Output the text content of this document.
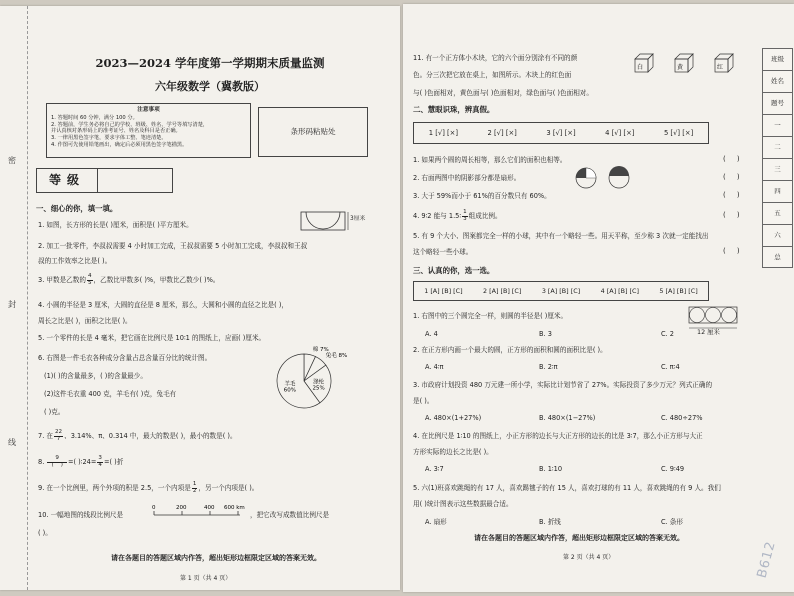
密
封
线
2023—2024 学年度第一学期期末质量监测
六年级数学（冀教版）
注意事项
1. 答题时间 60 分钟，满分 100 分。
2. 答题前，学生务必将自己的学校、班级、姓名、学号等填写清楚，
并认真核对条形码上的准考证号、姓名及科目是否正确。
3. 一律用黑色签字笔，要求字体工整、笔迹清楚。
4. 作图可先使用铅笔画出，确定后必须用黑色签字笔描黑。
条形码粘贴处
等级
一、细心的你，填一填。
1. 如图，长方形的长是( )厘米，面积是( )平方厘米。
3厘米
2. 加工一批零件，李叔叔需要 4 小时加工完成，王叔叔需要 5 小时加工完成，李叔叔和王叔
叔的工作效率之比是( )。
3. 甲数是乙数的 $\frac{4}{5}$ ，乙数比甲数多( )%，甲数比乙数少( )%。
4. 小圆的半径是 3 厘米，大圆的直径是 8 厘米，那么，大圆和小圆的直径之比是( )，
周长之比是( )，面积之比是( )。
5. 一个零件的长是 4 毫米，把它画在比例尺是 10∶1 的图纸上，应画( )厘米。
6. 右图是一件毛衣各种成分含量占总含量百分比的统计图。
(1)( )的含量最多，( )的含量最少。
(2)这件毛衣重 400 克，羊毛有( )克，兔毛有
( )克。
棉 7%
兔毛 8%
涤纶 25%
羊毛 60%
7. 在 $\frac{22}{7}$ 、3.14%、π、0.314 中，最大的数是( )，最小的数是( )。
8. $\frac{9}{( )}$ =( )∶24= $\frac{3}{4}$ =( )折
9. 在一个比例里，两个外项的积是 2.5，一个内项是 $\frac{1}{2}$ ，另一个内项是( )。
10. 一幅地图的线段比例尺是
0	200	400 600 km
，把它改写成数值比例尺是
( )。
请在各题目的答题区域内作答，超出矩形边框限定区域的答案无效。
第 1 页（共 4 页）
11. 有一个正方体小木块，它的六个面分别涂有不同的颜
色。分三次把它放在桌上，如图所示。木块上的红色面
与( )色面相对，黄色面与( )色面相对，绿色面与( )色面相对。
白	黄	红
二、慧眼识珠，辨真假。
1 [√] [×]	2 [√] [×]	3 [√] [×]	4 [√] [×]	5 [√] [×]
1. 如果两个圆的周长相等，那么它们的面积也相等。	(     )
2. 右面两图中的阴影部分都是扇形。	(     )
3. 大于 59%而小于 61%的百分数只有 60%。	(     )
4. 9∶2 能与 1.5∶ $\frac{1}{3}$ 组成比例。	(     )
5. 有 9 个大小、图案都完全一样的小球，其中有一个略轻一些。用天平称，至少称 3 次就一定能找出
这个略轻一些小球。	(     )
三、认真的你，选一选。
1 [A] [B] [C]	2 [A] [B] [C]	3 [A] [B] [C]	4 [A] [B] [C]	5 [A] [B] [C]
1. 右图中的三个圆完全一样，则圆的半径是( )厘米。
12 厘米
A. 4	B. 3	C. 2
2. 在正方形内画一个最大的圆，正方形的面积和圆的面积比是( )。
A. 4∶π	B. 2∶π	C. π∶4
3. 市政府计划投资 480 万元建一所小学，实际比计划节省了 27%。实际投资了多少万元？列式正确的
是( )。
A. 480×(1+27%)	B. 480×(1−27%)	C. 480÷27%
4. 在比例尺是 1∶10 的图纸上，小正方形的边长与大正方形的边长的比是 3∶7，那么小正方形与大正
方形实际的边长之比是( )。
A. 3∶7	B. 1∶10	C. 9∶49
5. 六(1)班喜欢跳绳的有 17 人，喜欢踢毽子的有 15 人，喜欢打球的有 11 人，喜欢跳绳的有 9 人。我们
用( )统计图表示这些数据最合适。
A. 扇形	B. 折线	C. 条形
请在各题目的答题区域内作答，超出矩形边框限定区域的答案无效。
第 2 页（共 4 页）
班级
姓名
题号
一
二
三
四
五
六
总
B612
